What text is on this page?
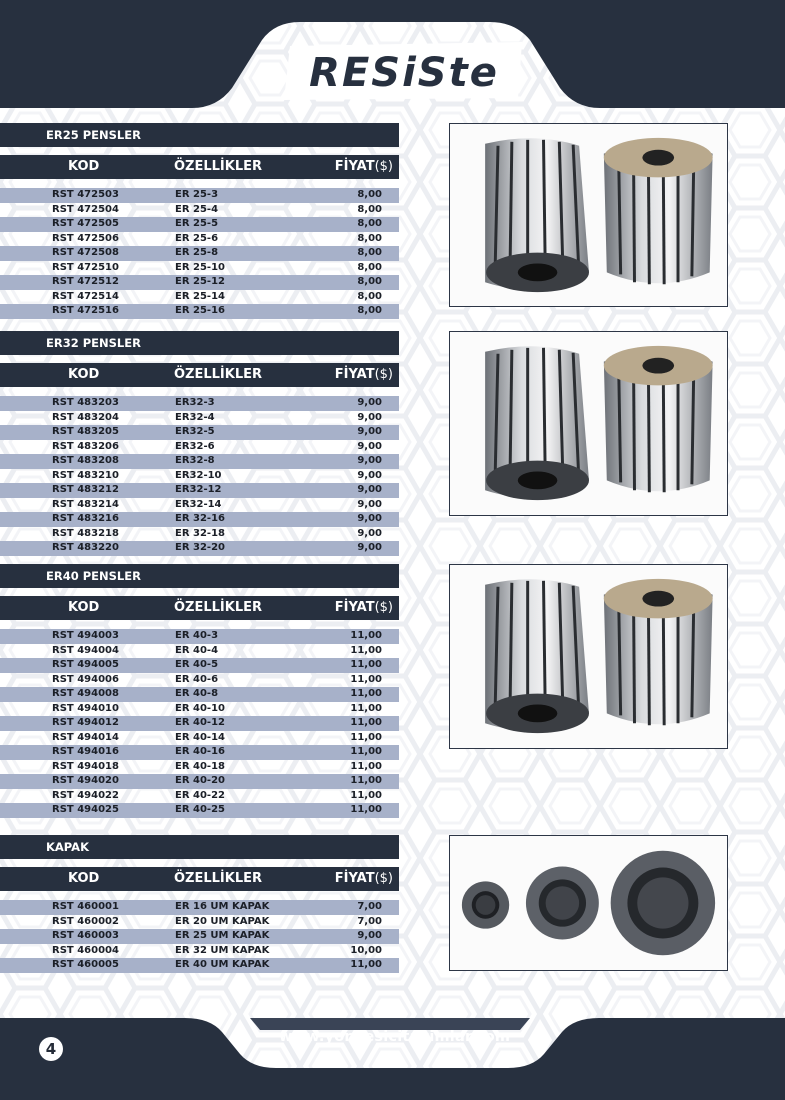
RESiSte
ER25 PENSLER
KOD	ÖZELLİKLER	FİYAT($)
RST 472503	ER 25-3	8,00
RST 472504	ER 25-4	8,00
RST 472505	ER 25-5	8,00
RST 472506	ER 25-6	8,00
RST 472508	ER 25-8	8,00
RST 472510	ER 25-10	8,00
RST 472512	ER 25-12	8,00
RST 472514	ER 25-14	8,00
RST 472516	ER 25-16	8,00
ER32 PENSLER
KOD	ÖZELLİKLER	FİYAT($)
RST 483203	ER32-3	9,00
RST 483204	ER32-4	9,00
RST 483205	ER32-5	9,00
RST 483206	ER32-6	9,00
RST 483208	ER32-8	9,00
RST 483210	ER32-10	9,00
RST 483212	ER32-12	9,00
RST 483214	ER32-14	9,00
RST 483216	ER 32-16	9,00
RST 483218	ER 32-18	9,00
RST 483220	ER 32-20	9,00
ER40 PENSLER
KOD	ÖZELLİKLER	FİYAT($)
RST 494003	ER 40-3	11,00
RST 494004	ER 40-4	11,00
RST 494005	ER 40-5	11,00
RST 494006	ER 40-6	11,00
RST 494008	ER 40-8	11,00
RST 494010	ER 40-10	11,00
RST 494012	ER 40-12	11,00
RST 494014	ER 40-14	11,00
RST 494016	ER 40-16	11,00
RST 494018	ER 40-18	11,00
RST 494020	ER 40-20	11,00
RST 494022	ER 40-22	11,00
RST 494025	ER 40-25	11,00
KAPAK
KOD	ÖZELLİKLER	FİYAT($)
RST 460001	ER 16 UM KAPAK	7,00
RST 460002	ER 20 UM KAPAK	7,00
RST 460003	ER 25 UM KAPAK	9,00
RST 460004	ER 32 UM KAPAK	10,00
RST 460005	ER 40 UM KAPAK	11,00
4
www.yonkesicitakimlar.com
